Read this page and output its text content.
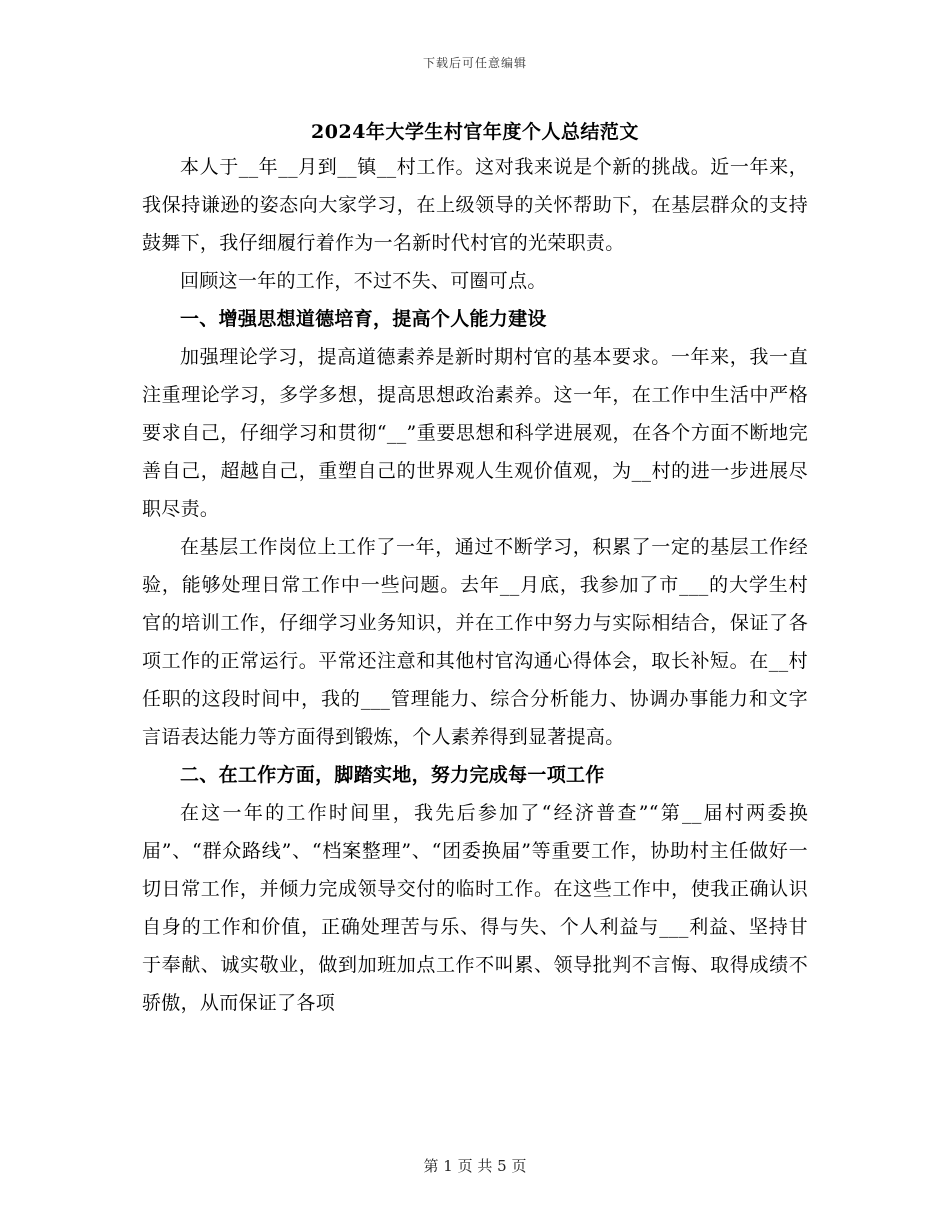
下载后可任意编辑
2024年大学生村官年度个人总结范文

本人于__年__月到__镇__村工作。这对我来说是个新的挑战。近一年来，我保持谦逊的姿态向大家学习，在上级领导的关怀帮助下，在基层群众的支持鼓舞下，我仔细履行着作为一名新时代村官的光荣职责。

回顾这一年的工作，不过不失、可圈可点。

一、增强思想道德培育，提高个人能力建设

加强理论学习，提高道德素养是新时期村官的基本要求。一年来，我一直注重理论学习，多学多想，提高思想政治素养。这一年，在工作中生活中严格要求自己，仔细学习和贯彻“__”重要思想和科学进展观，在各个方面不断地完善自己，超越自己，重塑自己的世界观人生观价值观，为__村的进一步进展尽职尽责。

在基层工作岗位上工作了一年，通过不断学习，积累了一定的基层工作经验，能够处理日常工作中一些问题。去年__月底，我参加了市___的大学生村官的培训工作，仔细学习业务知识，并在工作中努力与实际相结合，保证了各项工作的正常运行。平常还注意和其他村官沟通心得体会，取长补短。在__村任职的这段时间中，我的___管理能力、综合分析能力、协调办事能力和文字言语表达能力等方面得到锻炼，个人素养得到显著提高。

二、在工作方面，脚踏实地，努力完成每一项工作

在这一年的工作时间里，我先后参加了“经济普查”“第__届村两委换届”、“群众路线”、“档案整理”、“团委换届”等重要工作，协助村主任做好一切日常工作，并倾力完成领导交付的临时工作。在这些工作中，使我正确认识自身的工作和价值，正确处理苦与乐、得与失、个人利益与___利益、坚持甘于奉献、诚实敬业，做到加班加点工作不叫累、领导批判不言悔、取得成绩不骄傲，从而保证了各项

第 1 页 共 5 页
